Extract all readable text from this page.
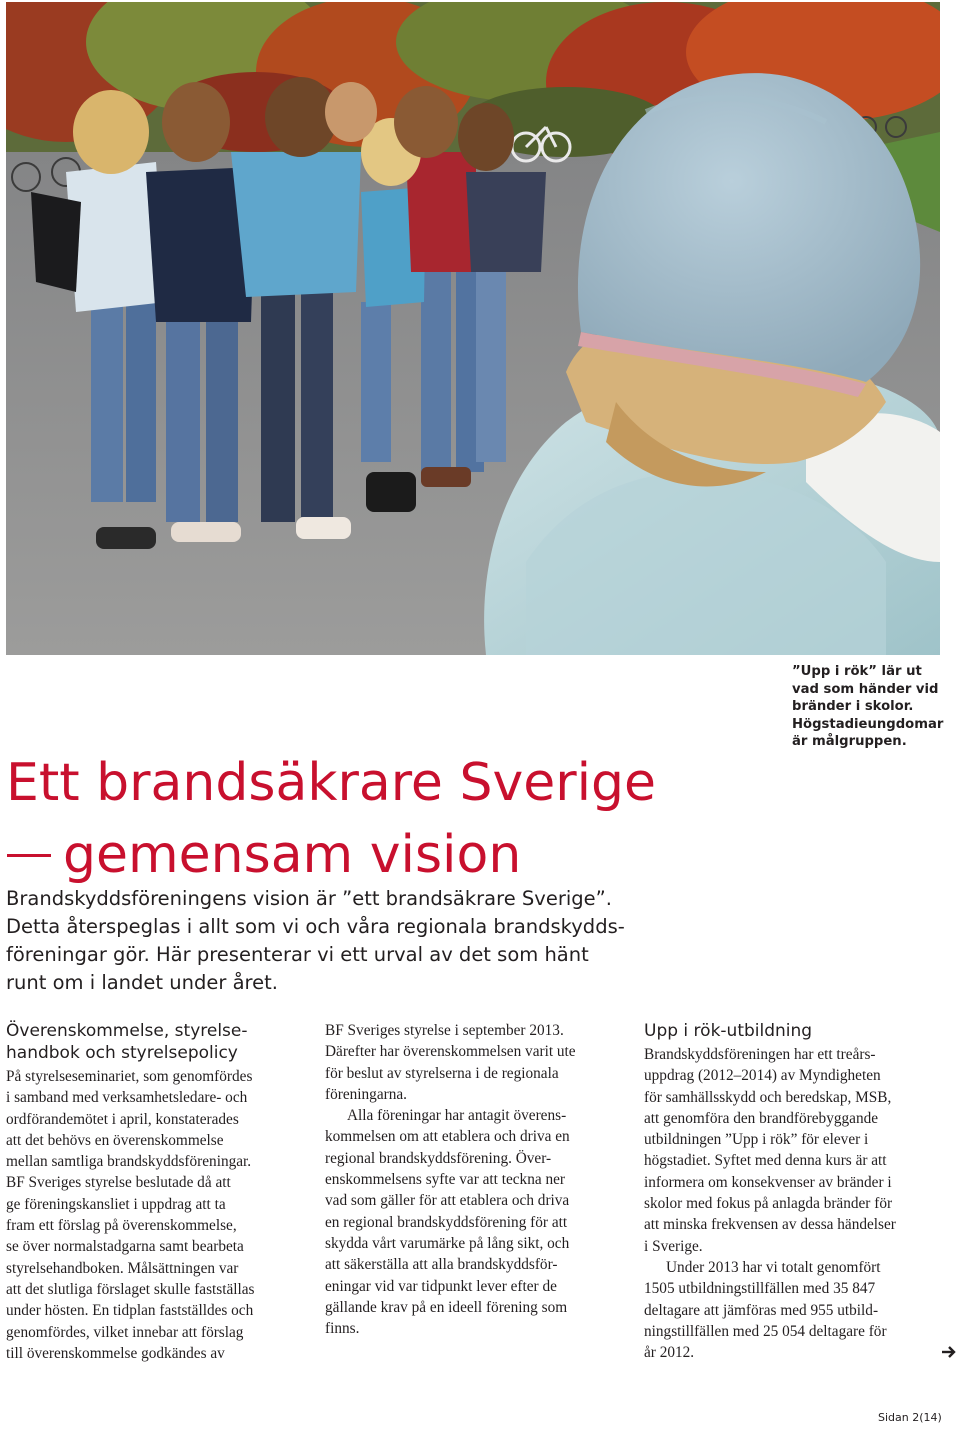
”Upp i rök” lär ut
vad som händer vid
bränder i skolor.
Högstadieungdomar
är målgruppen.
Ett brandsäkrare Sverige
gemensam vision
Brandskyddsföreningens vision är ”ett brandsäkrare Sverige”.
Detta återspeglas i allt som vi och våra regionala brandskydds-
föreningar gör. Här presenterar vi ett urval av det som hänt
runt om i landet under året.
Överenskommelse, styrelse-
handbok och styrelsepolicy
På styrelseseminariet, som genomfördes
i samband med verksamhetsledare- och
ordförandemötet i april, konstaterades
att det behövs en överenskommelse
mellan samtliga brandskyddsföreningar.
BF Sveriges styrelse beslutade då att
ge föreningskansliet i uppdrag att ta
fram ett förslag på överenskommelse,
se över normalstadgarna samt bearbeta
styrelsehandboken. Målsättningen var
att det slutliga förslaget skulle fastställas
under hösten. En tidplan fastställdes och
genomfördes, vilket innebar att förslag
till överenskommelse godkändes av
BF Sveriges styrelse i september 2013.
Därefter har överenskommelsen varit ute
för beslut av styrelserna i de regionala
föreningarna.
Alla föreningar har antagit överens-
kommelsen om att etablera och driva en
regional brandskyddsförening. Över-
enskommelsens syfte var att teckna ner
vad som gäller för att etablera och driva
en regional brandskyddsförening för att
skydda vårt varumärke på lång sikt, och
att säkerställa att alla brandskyddsför-
eningar vid var tidpunkt lever efter de
gällande krav på en ideell förening som
finns.
Upp i rök-utbildning
Brandskyddsföreningen har ett treårs-
uppdrag (2012–2014) av Myndigheten
för samhällsskydd och beredskap, MSB,
att genomföra den brandförebyggande
utbildningen ”Upp i rök” för elever i
högstadiet. Syftet med denna kurs är att
informera om konsekvenser av bränder i
skolor med fokus på anlagda bränder för
att minska frekvensen av dessa händelser
i Sverige.
Under 2013 har vi totalt genomfört
1505 utbildningstillfällen med 35 847
deltagare att jämföras med 955 utbild-
ningstillfällen med 25 054 deltagare för
år 2012.
Sidan 2(14)
